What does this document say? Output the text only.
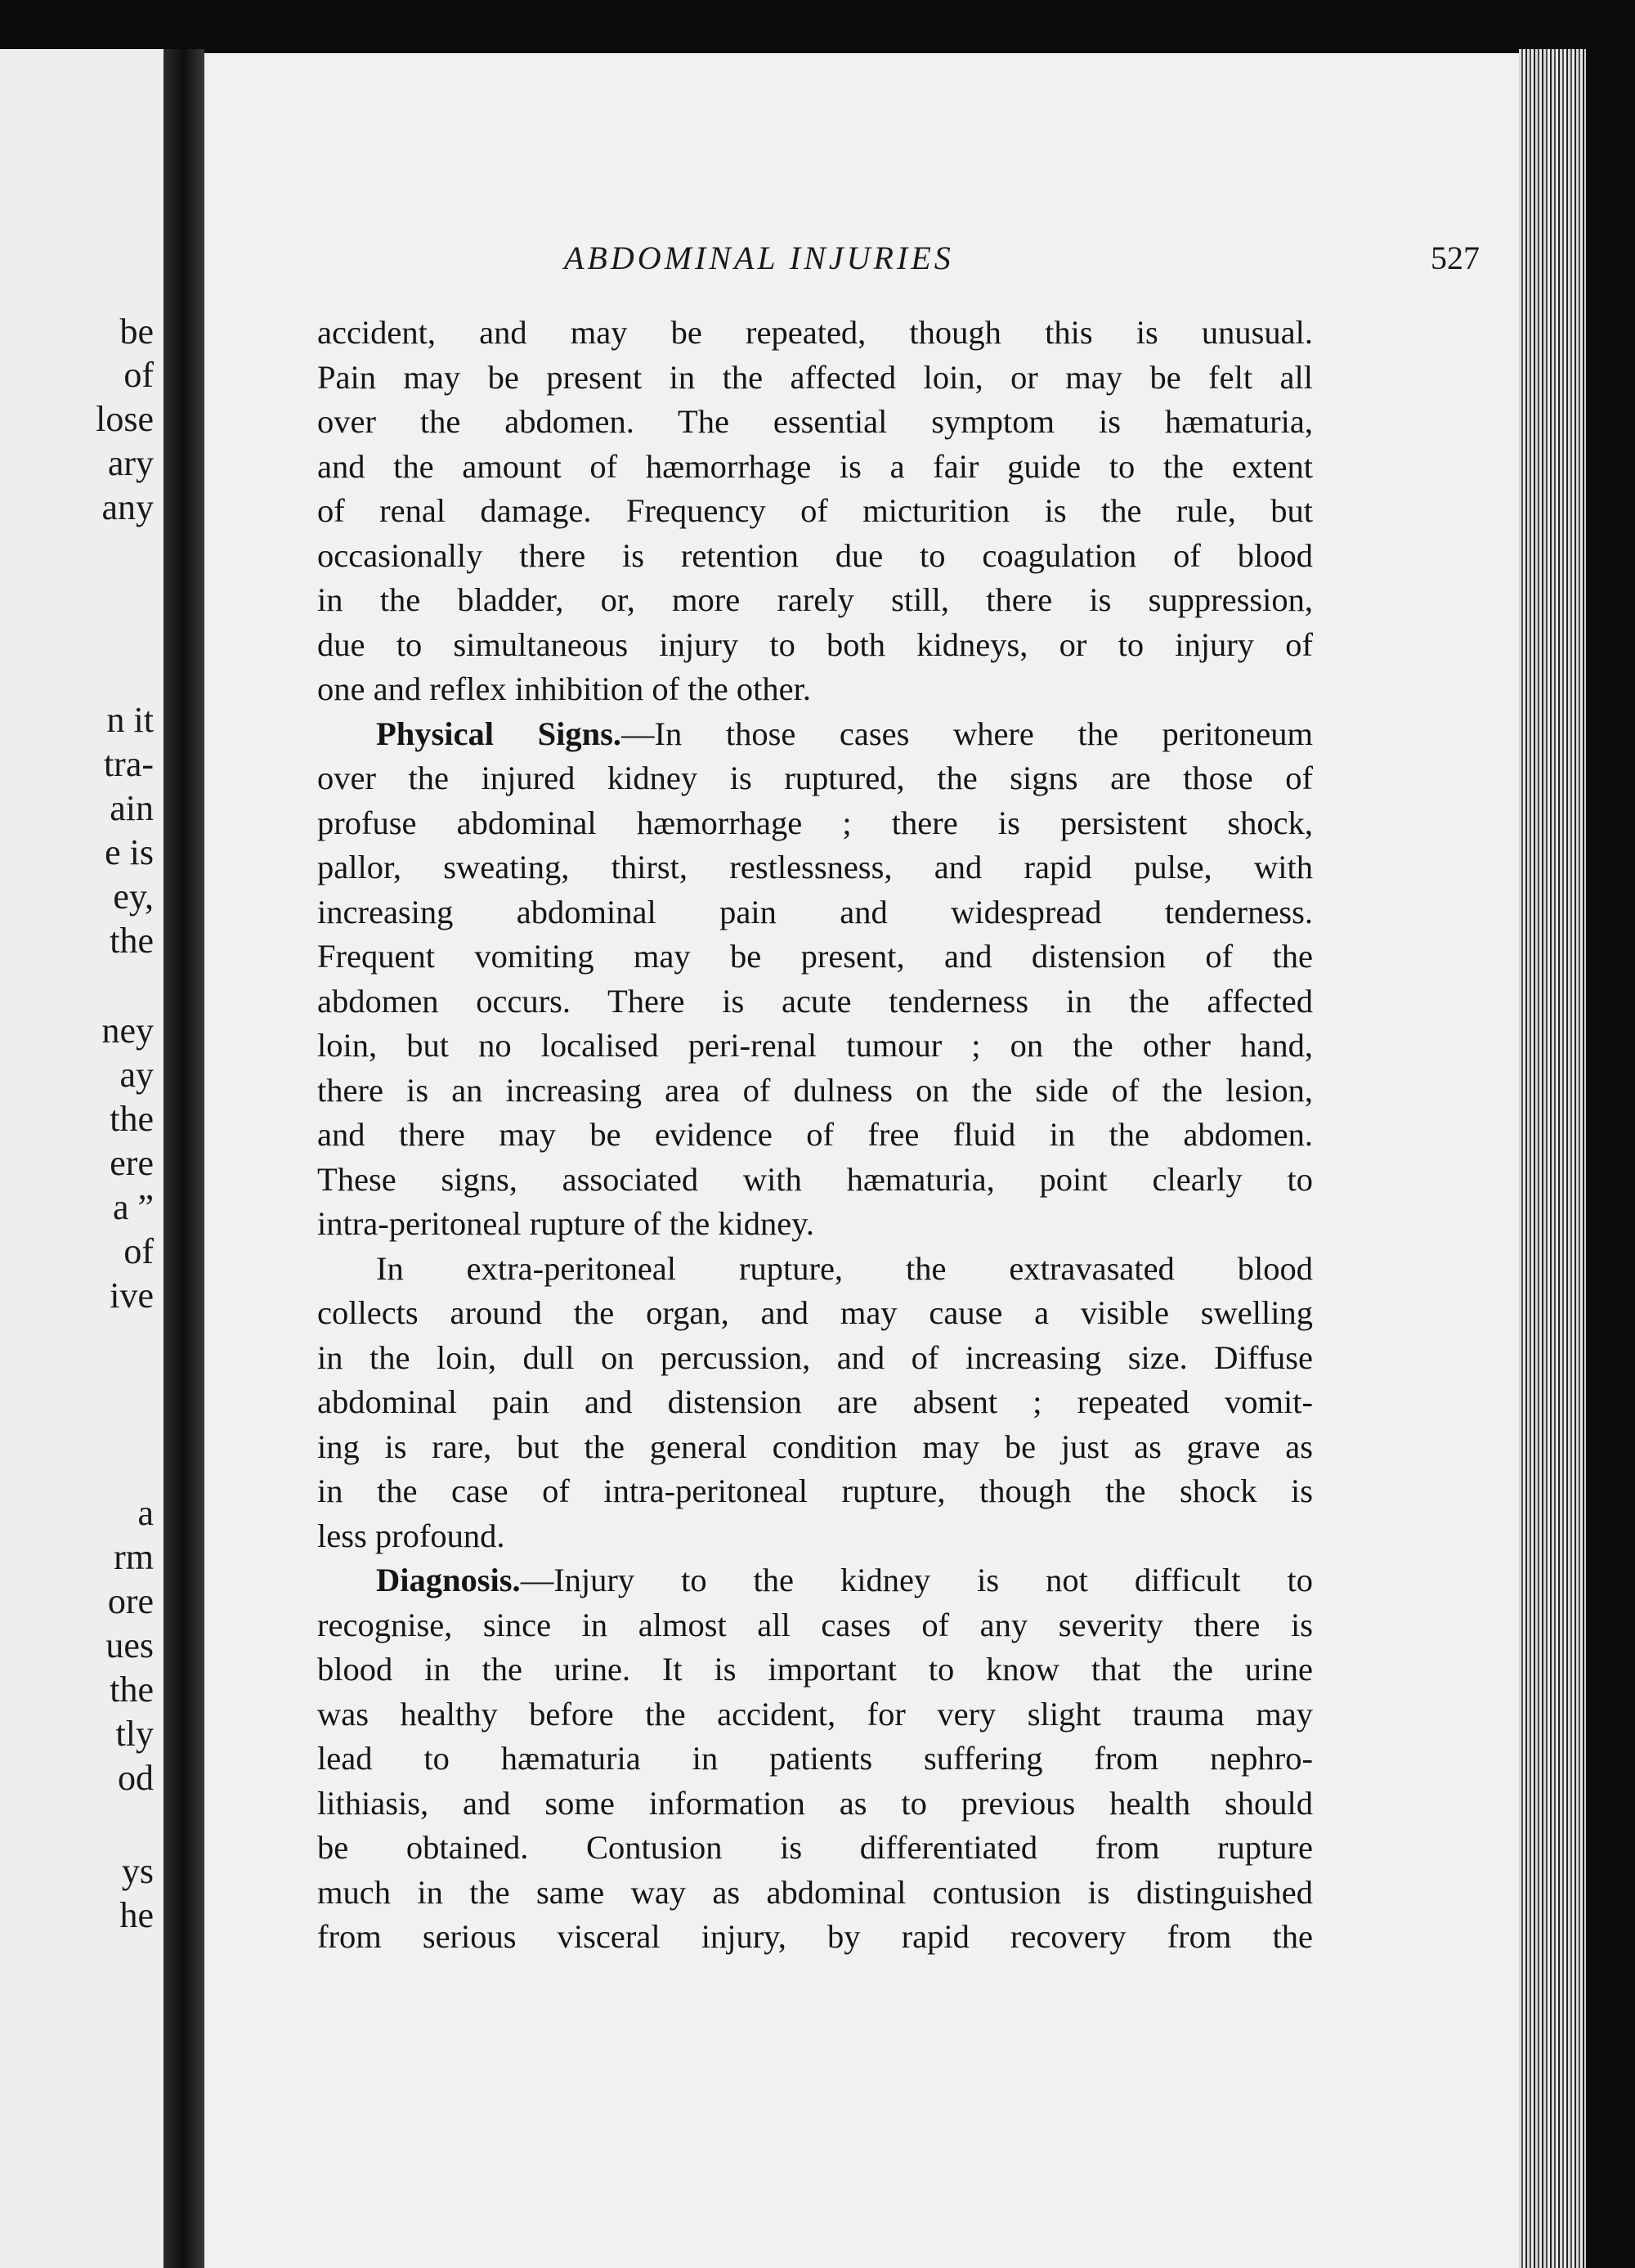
be
of
lose
ary
any
n it
tra-
ain
e is
ey,
the
ney
ay
the
ere
a ”
of
ive
a
rm
ore
ues
the
tly
od
ys
he
ABDOMINAL INJURIES	527
accident, and may be repeated, though this is unusual.
Pain may be present in the affected loin, or may be felt all
over the abdomen. The essential symptom is hæmaturia,
and the amount of hæmorrhage is a fair guide to the extent
of renal damage. Frequency of micturition is the rule, but
occasionally there is retention due to coagulation of blood
in the bladder, or, more rarely still, there is suppression,
due to simultaneous injury to both kidneys, or to injury of
one and reflex inhibition of the other.
Physical Signs.—In those cases where the peritoneum
over the injured kidney is ruptured, the signs are those of
profuse abdominal hæmorrhage ; there is persistent shock,
pallor, sweating, thirst, restlessness, and rapid pulse, with
increasing abdominal pain and widespread tenderness.
Frequent vomiting may be present, and distension of the
abdomen occurs. There is acute tenderness in the affected
loin, but no localised peri-renal tumour ; on the other hand,
there is an increasing area of dulness on the side of the lesion,
and there may be evidence of free fluid in the abdomen.
These signs, associated with hæmaturia, point clearly to
intra-peritoneal rupture of the kidney.
In extra-peritoneal rupture, the extravasated blood
collects around the organ, and may cause a visible swelling
in the loin, dull on percussion, and of increasing size. Diffuse
abdominal pain and distension are absent ; repeated vomit-
ing is rare, but the general condition may be just as grave as
in the case of intra-peritoneal rupture, though the shock is
less profound.
Diagnosis.—Injury to the kidney is not difficult to
recognise, since in almost all cases of any severity there is
blood in the urine. It is important to know that the urine
was healthy before the accident, for very slight trauma may
lead to hæmaturia in patients suffering from nephro-
lithiasis, and some information as to previous health should
be obtained. Contusion is differentiated from rupture
much in the same way as abdominal contusion is distinguished
from serious visceral injury, by rapid recovery from the
